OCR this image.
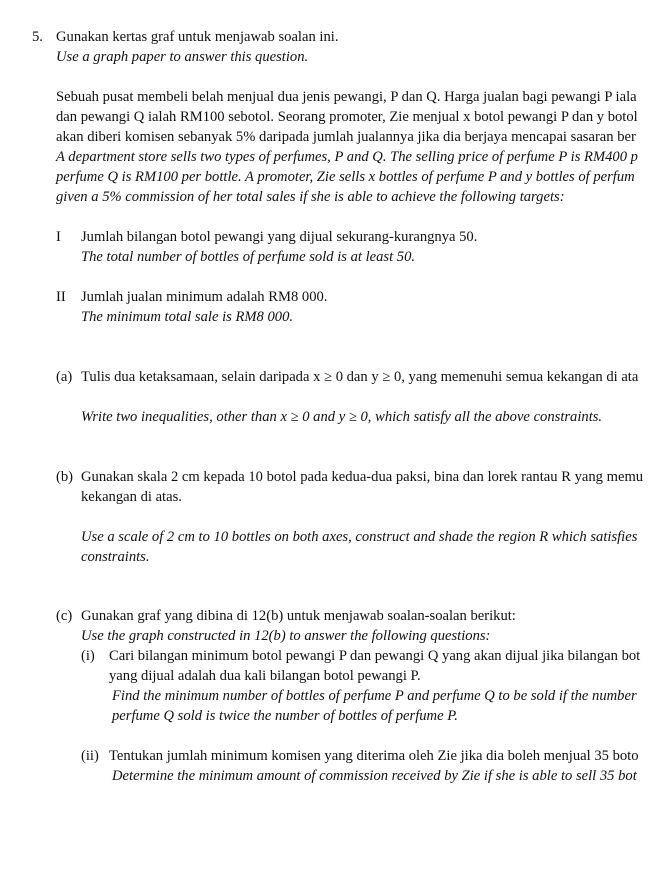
5. Gunakan kertas graf untuk menjawab soalan ini.
Use a graph paper to answer this question.
Sebuah pusat membeli belah menjual dua jenis pewangi, P dan Q. Harga jualan bagi pewangi P iala
dan pewangi Q ialah RM100 sebotol. Seorang promoter, Zie menjual x botol pewangi P dan y botol
akan diberi komisen sebanyak 5% daripada jumlah jualannya jika dia berjaya mencapai sasaran ber
A department store sells two types of perfumes, P and Q. The selling price of perfume P is RM400 p
perfume Q is RM100 per bottle. A promoter, Zie sells x bottles of perfume P and y bottles of perfum
given a 5% commission of her total sales if she is able to achieve the following targets:
I Jumlah bilangan botol pewangi yang dijual sekurang-kurangnya 50.
The total number of bottles of perfume sold is at least 50.
II Jumlah jualan minimum adalah RM8 000.
The minimum total sale is RM8 000.
(a) Tulis dua ketaksamaan, selain daripada x ≥ 0 dan y ≥ 0, yang memenuhi semua kekangan di ata
Write two inequalities, other than x ≥ 0 and y ≥ 0, which satisfy all the above constraints.
(b) Gunakan skala 2 cm kepada 10 botol pada kedua-dua paksi, bina dan lorek rantau R yang memu
kekangan di atas.
Use a scale of 2 cm to 10 bottles on both axes, construct and shade the region R which satisfies
constraints.
(c) Gunakan graf yang dibina di 12(b) untuk menjawab soalan-soalan berikut:
Use the graph constructed in 12(b) to answer the following questions:
(i) Cari bilangan minimum botol pewangi P dan pewangi Q yang akan dijual jika bilangan bot
yang dijual adalah dua kali bilangan botol pewangi P.
Find the minimum number of bottles of perfume P and perfume Q to be sold if the number
perfume Q sold is twice the number of bottles of perfume P.
(ii) Tentukan jumlah minimum komisen yang diterima oleh Zie jika dia boleh menjual 35 boto
Determine the minimum amount of commission received by Zie if she is able to sell 35 bot
